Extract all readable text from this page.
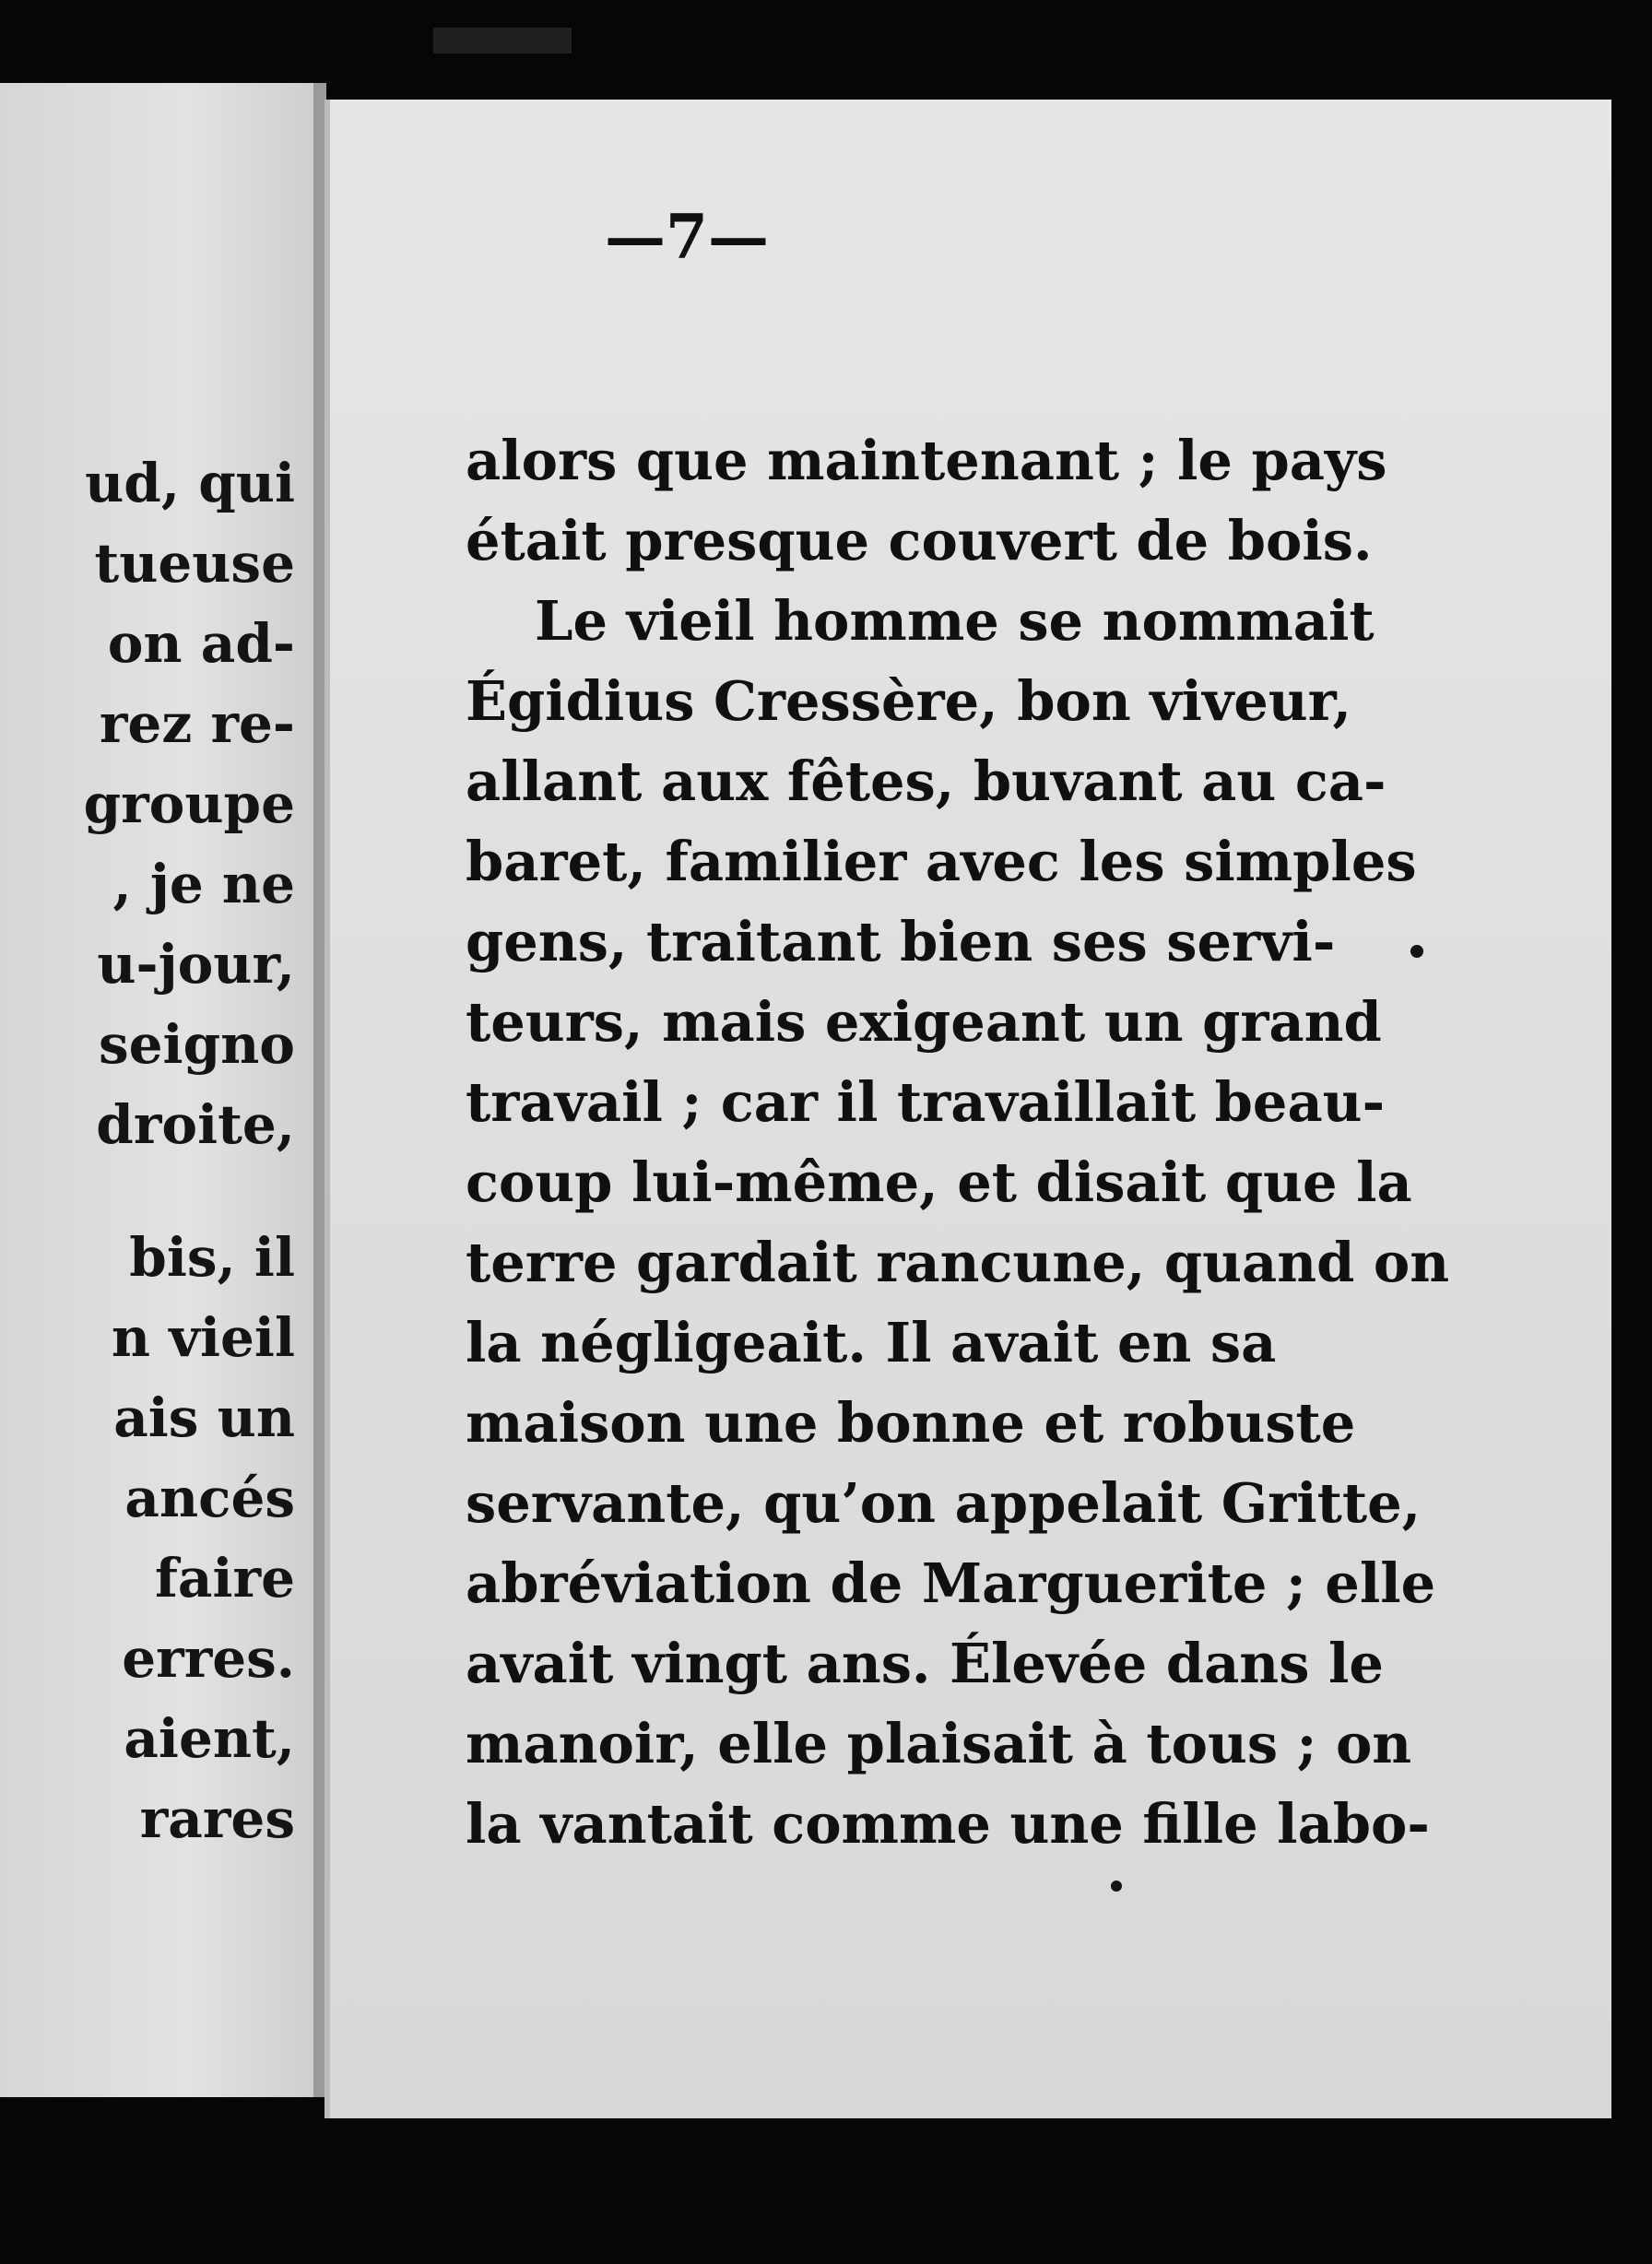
ud, qui
tueuse
on ad-
rez re-
groupe
, je ne
u-jour,
seigno
droite,
bis, il
n vieil
ais un
ancés
faire
erres.
aient,
rares
—7—
alors que maintenant ; le pays
était presque couvert de bois.
Le vieil homme se nommait
Égidius Cressère, bon viveur,
allant aux fêtes, buvant au ca-
baret, familier avec les simples
gens, traitant bien ses servi-
teurs, mais exigeant un grand
travail ; car il travaillait beau-
coup lui-même, et disait que la
terre gardait rancune, quand on
la négligeait. Il avait en sa
maison une bonne et robuste
servante, qu’on appelait Gritte,
abréviation de Marguerite ; elle
avait vingt ans. Élevée dans le
manoir, elle plaisait à tous ; on
la vantait comme une fille labo-
